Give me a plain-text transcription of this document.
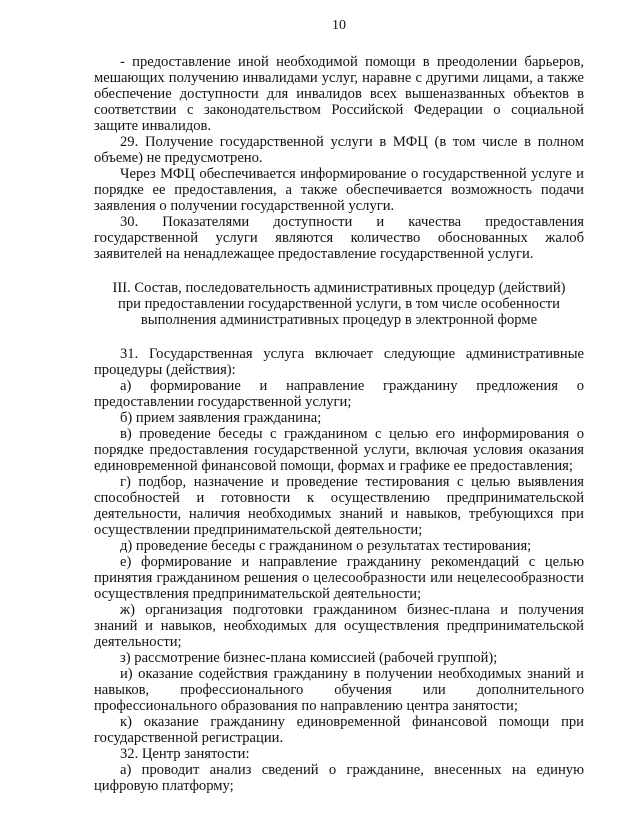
10

- предоставление иной необходимой помощи в преодолении барьеров, мешающих получению инвалидами услуг, наравне с другими лицами, а также обеспечение доступности для инвалидов всех вышеназванных объектов в соответствии с законодательством Российской Федерации о социальной защите инвалидов.

29. Получение государственной услуги в МФЦ (в том числе в полном объеме) не предусмотрено.

Через МФЦ обеспечивается информирование о государственной услуге и порядке ее предоставления, а также обеспечивается возможность подачи заявления о получении государственной услуги.

30. Показателями доступности и качества предоставления государственной услуги являются количество обоснованных жалоб заявителей на ненадлежащее предоставление государственной услуги.

III. Состав, последовательность административных процедур (действий)
при предоставлении государственной услуги, в том числе особенности
выполнения административных процедур в электронной форме

31. Государственная услуга включает следующие административные процедуры (действия):

а) формирование и направление гражданину предложения о предоставлении государственной услуги;

б) прием заявления гражданина;

в) проведение беседы с гражданином с целью его информирования о порядке предоставления государственной услуги, включая условия оказания единовременной финансовой помощи, формах и графике ее предоставления;

г) подбор, назначение и проведение тестирования с целью выявления способностей и готовности к осуществлению предпринимательской деятельности, наличия необходимых знаний и навыков, требующихся при осуществлении предпринимательской деятельности;

д) проведение беседы с гражданином о результатах тестирования;

е) формирование и направление гражданину рекомендаций с целью принятия гражданином решения о целесообразности или нецелесообразности осуществления предпринимательской деятельности;

ж) организация подготовки гражданином бизнес-плана и получения знаний и навыков, необходимых для осуществления предпринимательской деятельности;

з) рассмотрение бизнес-плана комиссией (рабочей группой);

и) оказание содействия гражданину в получении необходимых знаний и навыков, профессионального обучения или дополнительного профессионального образования по направлению центра занятости;

к) оказание гражданину единовременной финансовой помощи при государственной регистрации.

32. Центр занятости:

а) проводит анализ сведений о гражданине, внесенных на единую цифровую платформу;
